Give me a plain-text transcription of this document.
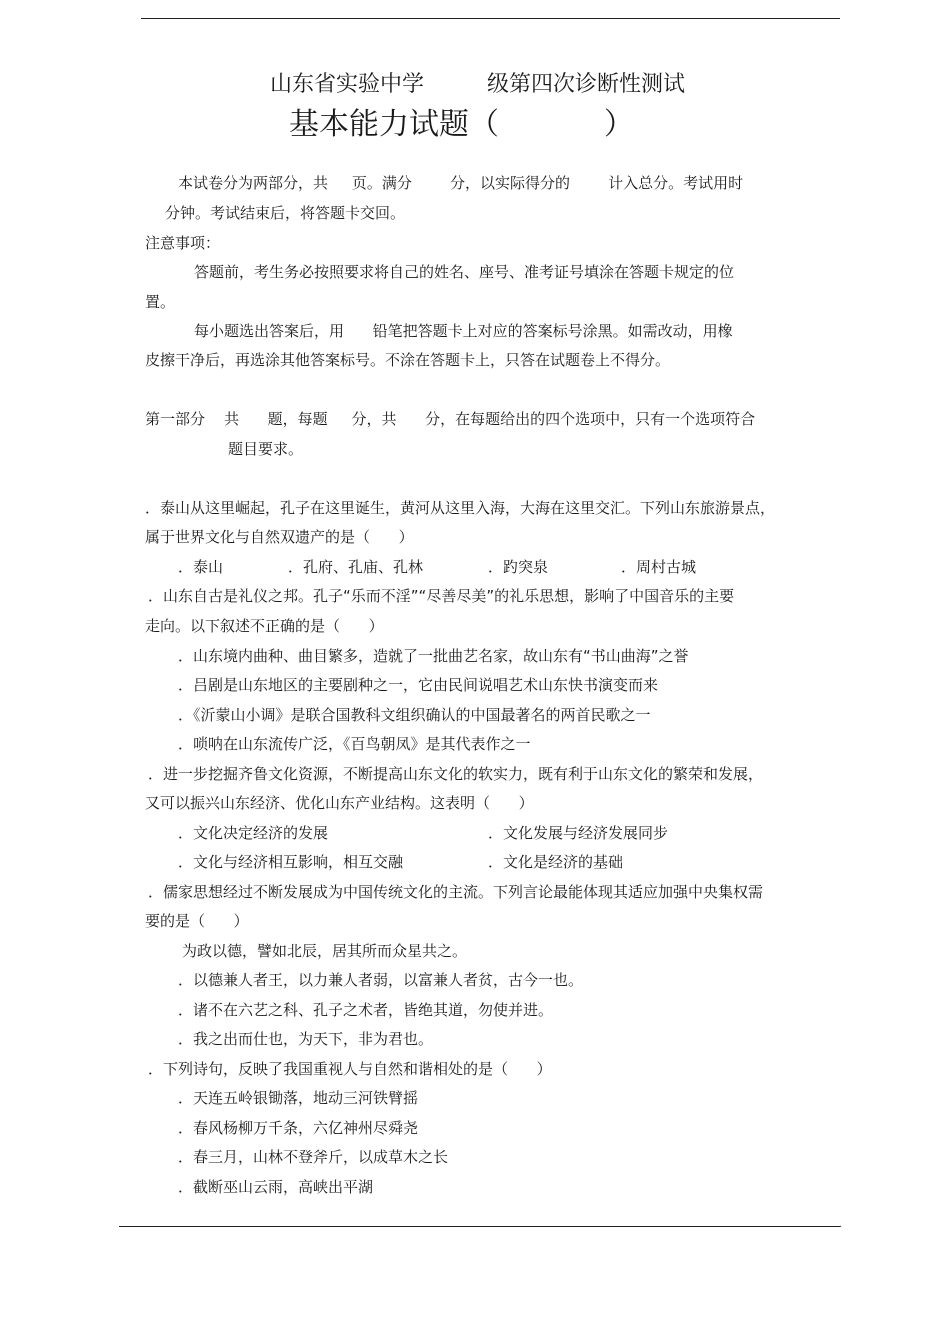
山东省实验中学         级第四次诊断性测试
基本能力试题（           ）
本试卷分为两部分，共     页。满分        分，以实际得分的        计入总分。考试用时
分钟。考试结束后，将答题卡交回。
注意事项：
答题前，考生务必按照要求将自己的姓名、座号、准考证号填涂在答题卡规定的位
置。
每小题选出答案后，用      铅笔把答题卡上对应的答案标号涂黑。如需改动，用橡
皮擦干净后，再选涂其他答案标号。不涂在答题卡上，只答在试题卷上不得分。
第一部分    共      题，每题     分，共      分，在每题给出的四个选项中，只有一个选项符合
题目要求。
．泰山从这里崛起，孔子在这里诞生，黄河从这里入海，大海在这里交汇。下列山东旅游景点，
属于世界文化与自然双遗产的是（      ）
．泰山	．孔府、孔庙、孔林	．趵突泉	．周村古城
．山东自古是礼仪之邦。孔子“乐而不淫”“尽善尽美”的礼乐思想，影响了中国音乐的主要
走向。以下叙述不正确的是（      ）
．山东境内曲种、曲目繁多，造就了一批曲艺名家，故山东有“书山曲海”之誉
．吕剧是山东地区的主要剧种之一，它由民间说唱艺术山东快书演变而来
．《沂蒙山小调》是联合国教科文组织确认的中国最著名的两首民歌之一
．唢呐在山东流传广泛，《百鸟朝凤》是其代表作之一
．进一步挖掘齐鲁文化资源，不断提高山东文化的软实力，既有利于山东文化的繁荣和发展，
又可以振兴山东经济、优化山东产业结构。这表明（      ）
．文化决定经济的发展	．文化发展与经济发展同步
．文化与经济相互影响，相互交融	．文化是经济的基础
．儒家思想经过不断发展成为中国传统文化的主流。下列言论最能体现其适应加强中央集权需
要的是（      ）
为政以德，譬如北辰，居其所而众星共之。
．以德兼人者王，以力兼人者弱，以富兼人者贫，古今一也。
．诸不在六艺之科、孔子之术者，皆绝其道，勿使并进。
．我之出而仕也，为天下，非为君也。
．下列诗句，反映了我国重视人与自然和谐相处的是（      ）
．天连五岭银锄落，地动三河铁臂摇
．春风杨柳万千条，六亿神州尽舜尧
．春三月，山林不登斧斤，以成草木之长
．截断巫山云雨，高峡出平湖
.
